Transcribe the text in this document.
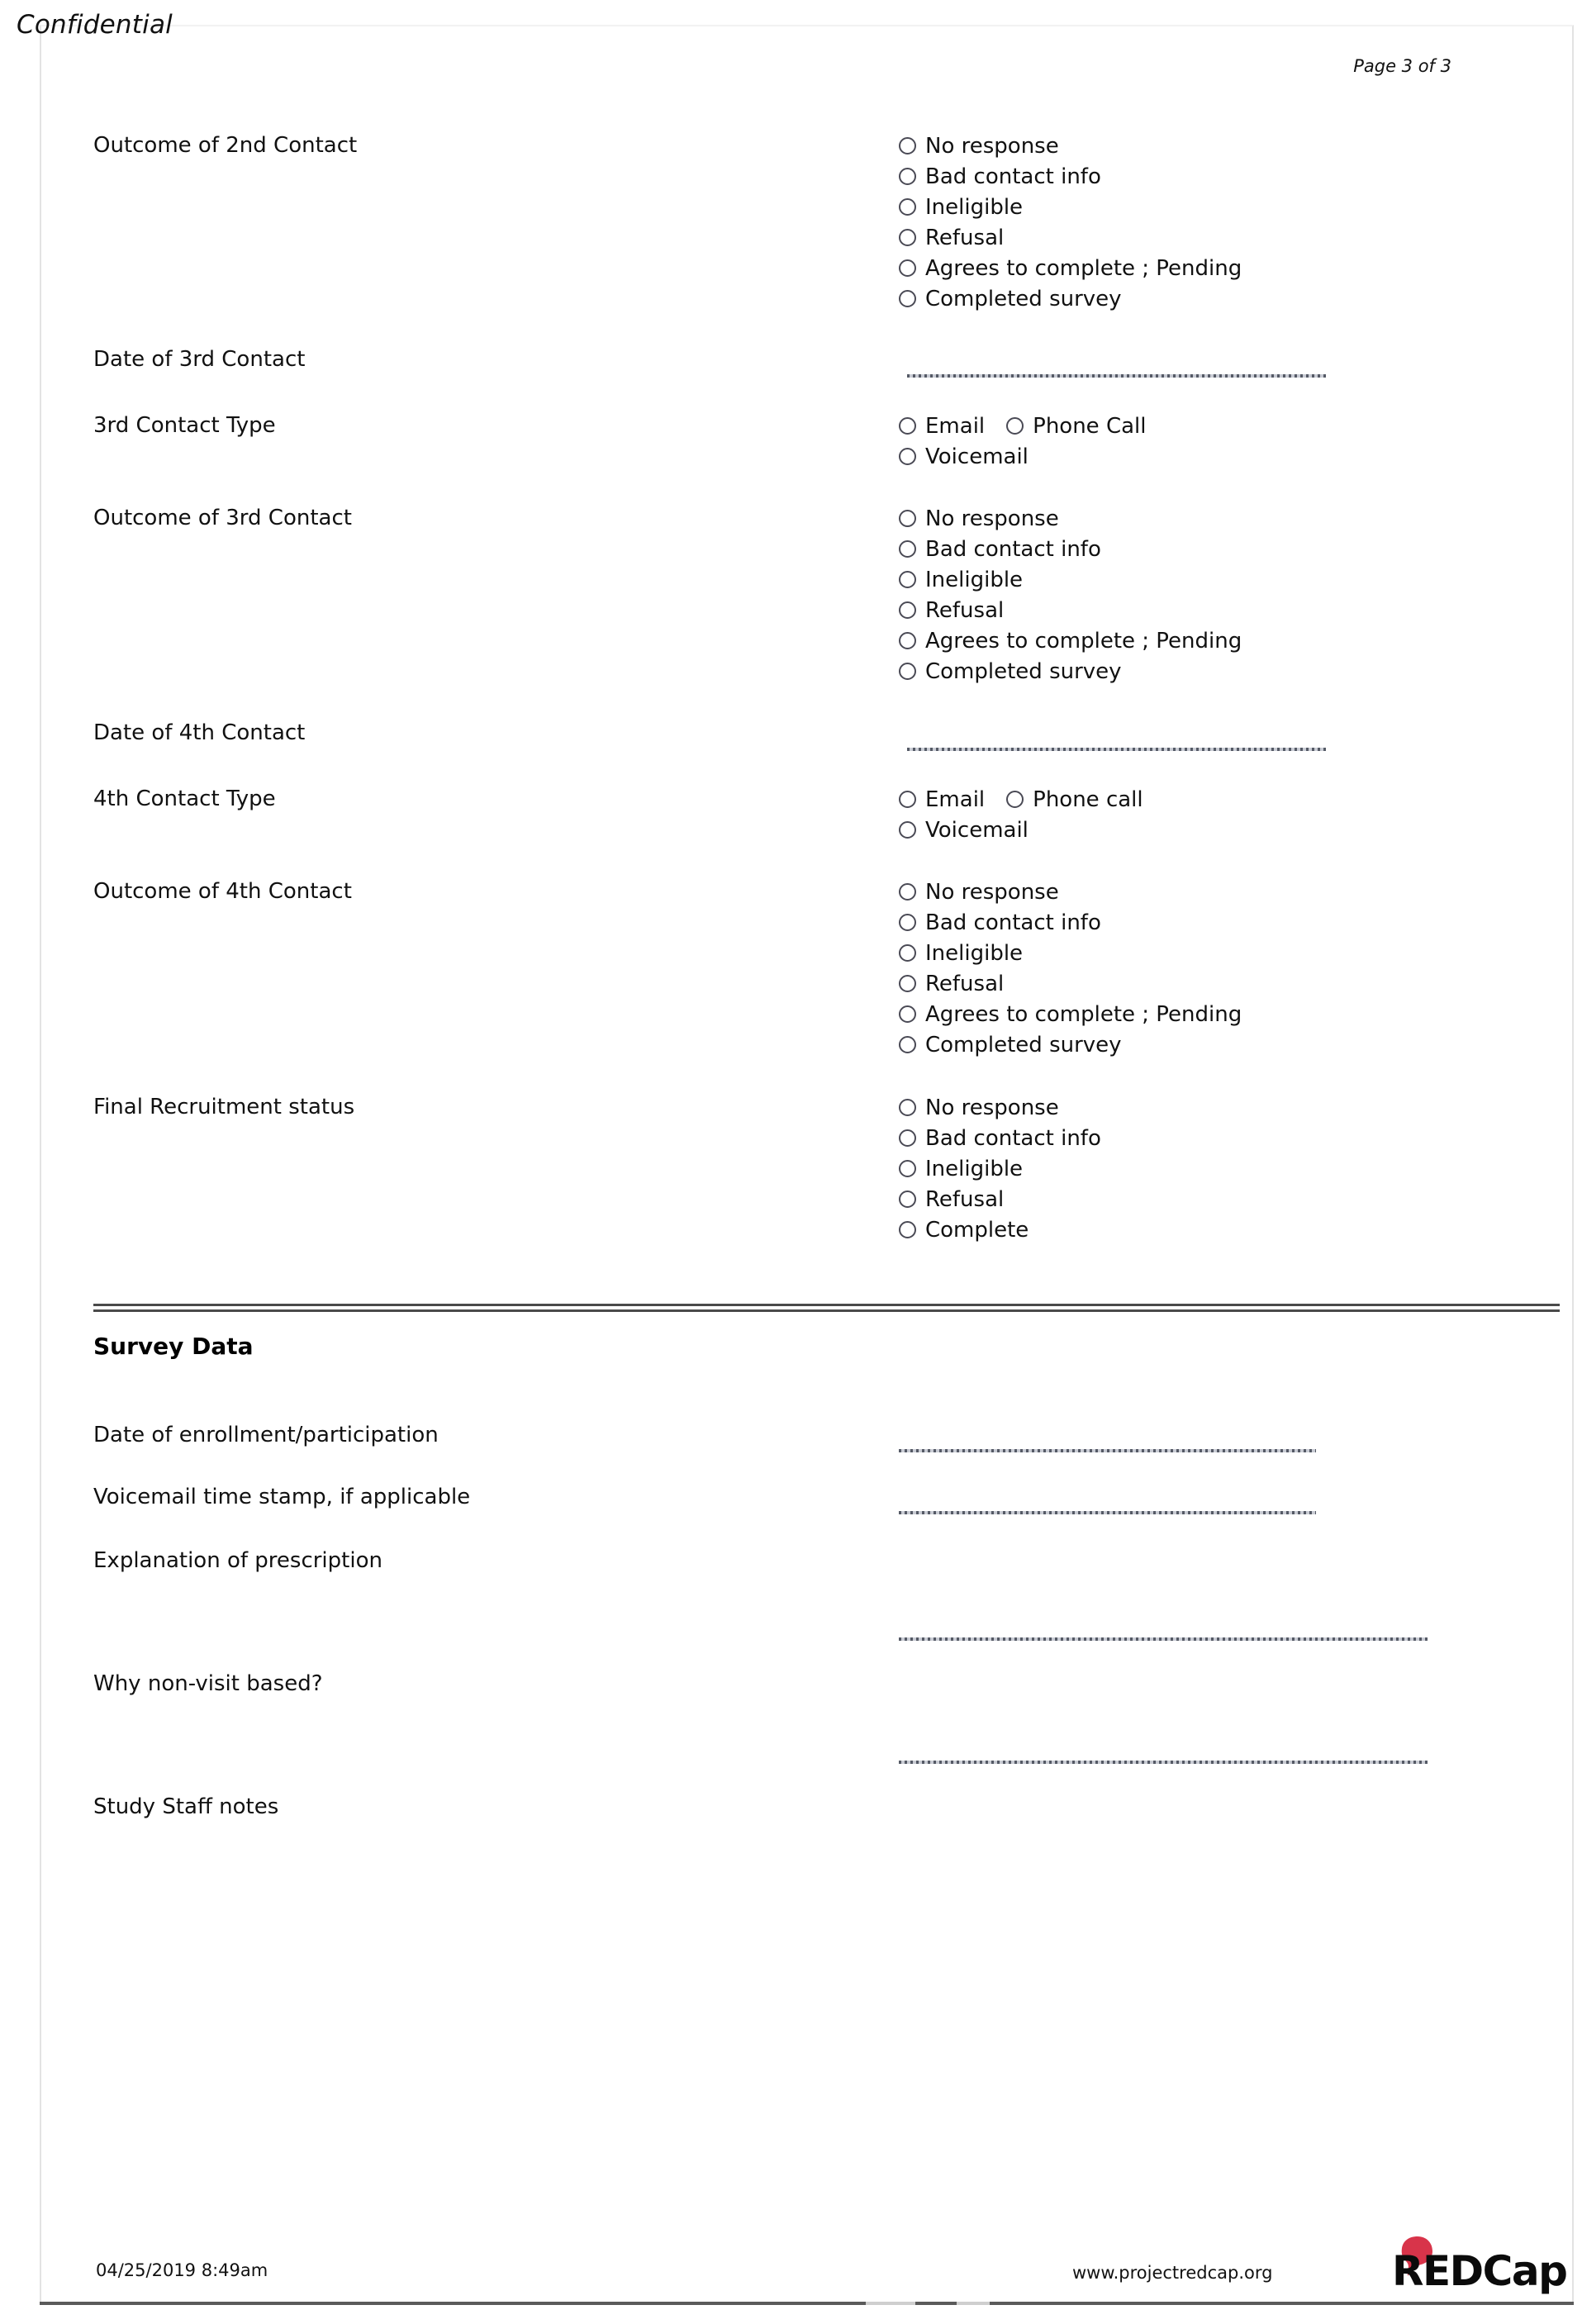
Confidential
Page 3 of 3
Outcome of 2nd Contact	No response
Bad contact info
Ineligible
Refusal
Agrees to complete ; Pending
Completed survey
Date of 3rd Contact
3rd Contact Type	Email Phone Call
Voicemail
Outcome of 3rd Contact	No response
Bad contact info
Ineligible
Refusal
Agrees to complete ; Pending
Completed survey
Date of 4th Contact
4th Contact Type	Email Phone call
Voicemail
Outcome of 4th Contact	No response
Bad contact info
Ineligible
Refusal
Agrees to complete ; Pending
Completed survey
Final Recruitment status	No response
Bad contact info
Ineligible
Refusal
Complete
Survey Data
Date of enrollment/participation
Voicemail time stamp, if applicable
Explanation of prescription
Why non-visit based?
Study Staff notes
04/25/2019 8:49am	www.projectredcap.org	REDCap
